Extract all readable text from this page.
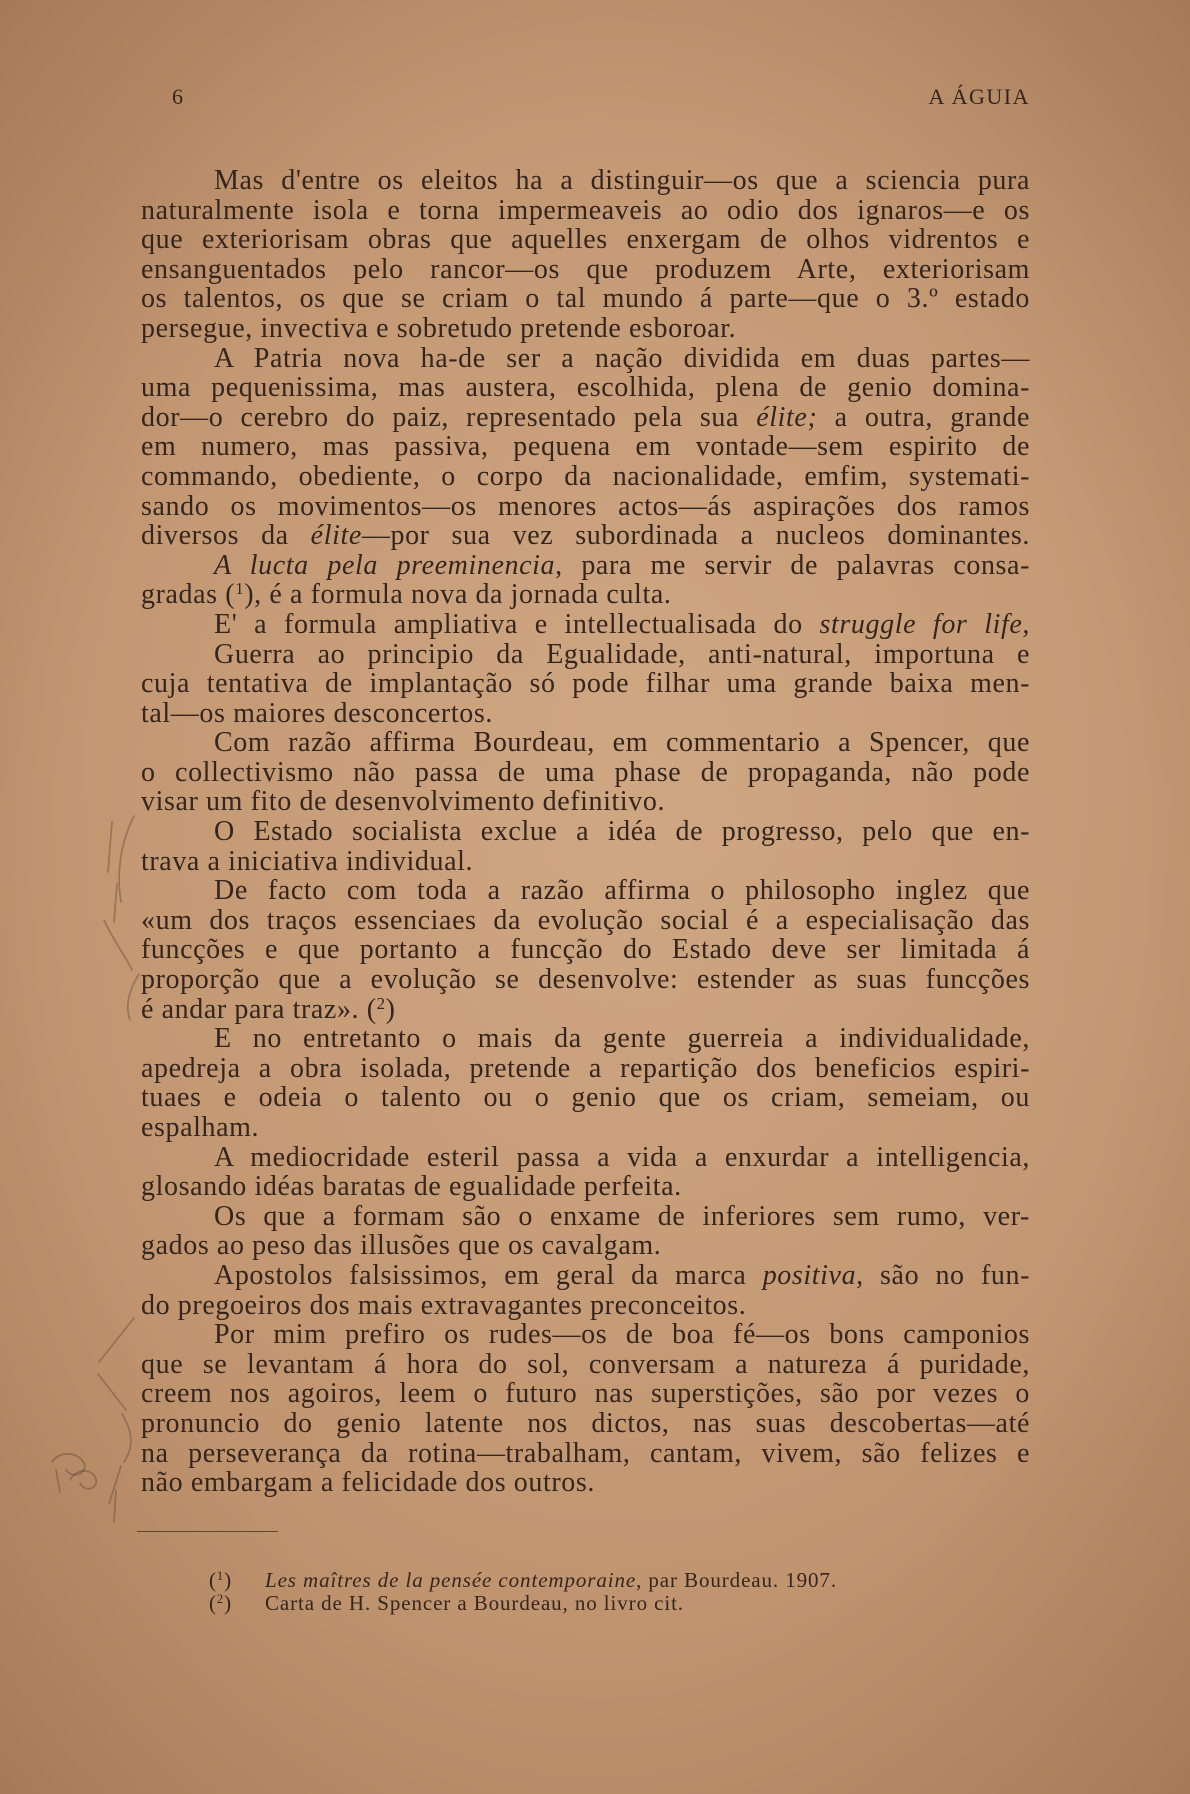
6	A ÁGUIA
Mas d'entre os eleitos ha a distinguir—os que a sciencia pura
naturalmente isola e torna impermeaveis ao odio dos ignaros—e os
que exteriorisam obras que aquelles enxergam de olhos vidrentos e
ensanguentados pelo rancor—os que produzem Arte, exteriorisam
os talentos, os que se criam o tal mundo á parte—que o 3.º estado
persegue, invectiva e sobretudo pretende esboroar.
A Patria nova ha-de ser a nação dividida em duas partes—
uma pequenissima, mas austera, escolhida, plena de genio domina-
dor—o cerebro do paiz, representado pela sua élite; a outra, grande
em numero, mas passiva, pequena em vontade—sem espirito de
commando, obediente, o corpo da nacionalidade, emfim, systemati-
sando os movimentos—os menores actos—ás aspirações dos ramos
diversos da élite—por sua vez subordinada a nucleos dominantes.
A lucta pela preeminencia, para me servir de palavras consa-
gradas ($^1$), é a formula nova da jornada culta.
E' a formula ampliativa e intellectualisada do struggle for life,
Guerra ao principio da Egualidade, anti-natural, importuna e
cuja tentativa de implantação só pode filhar uma grande baixa men-
tal—os maiores desconcertos.
Com razão affirma Bourdeau, em commentario a Spencer, que
o collectivismo não passa de uma phase de propaganda, não pode
visar um fito de desenvolvimento definitivo.
O Estado socialista exclue a idéa de progresso, pelo que en-
trava a iniciativa individual.
De facto com toda a razão affirma o philosopho inglez que
«um dos traços essenciaes da evolução social é a especialisação das
funcções e que portanto a funcção do Estado deve ser limitada á
proporção que a evolução se desenvolve: estender as suas funcções
é andar para traz». ($^2$)
E no entretanto o mais da gente guerreia a individualidade,
apedreja a obra isolada, pretende a repartição dos beneficios espiri-
tuaes e odeia o talento ou o genio que os criam, semeiam, ou
espalham.
A mediocridade esteril passa a vida a enxurdar a intelligencia,
glosando idéas baratas de egualidade perfeita.
Os que a formam são o enxame de inferiores sem rumo, ver-
gados ao peso das illusões que os cavalgam.
Apostolos falsissimos, em geral da marca positiva, são no fun-
do pregoeiros dos mais extravagantes preconceitos.
Por mim prefiro os rudes—os de boa fé—os bons camponios
que se levantam á hora do sol, conversam a natureza á puridade,
creem nos agoiros, leem o futuro nas superstições, são por vezes o
pronuncio do genio latente nos dictos, nas suas descobertas—até
na perseverança da rotina—trabalham, cantam, vivem, são felizes e
não embargam a felicidade dos outros.
($^1$) Les maîtres de la pensée contemporaine, par Bourdeau. 1907.
($^2$) Carta de H. Spencer a Bourdeau, no livro cit.
